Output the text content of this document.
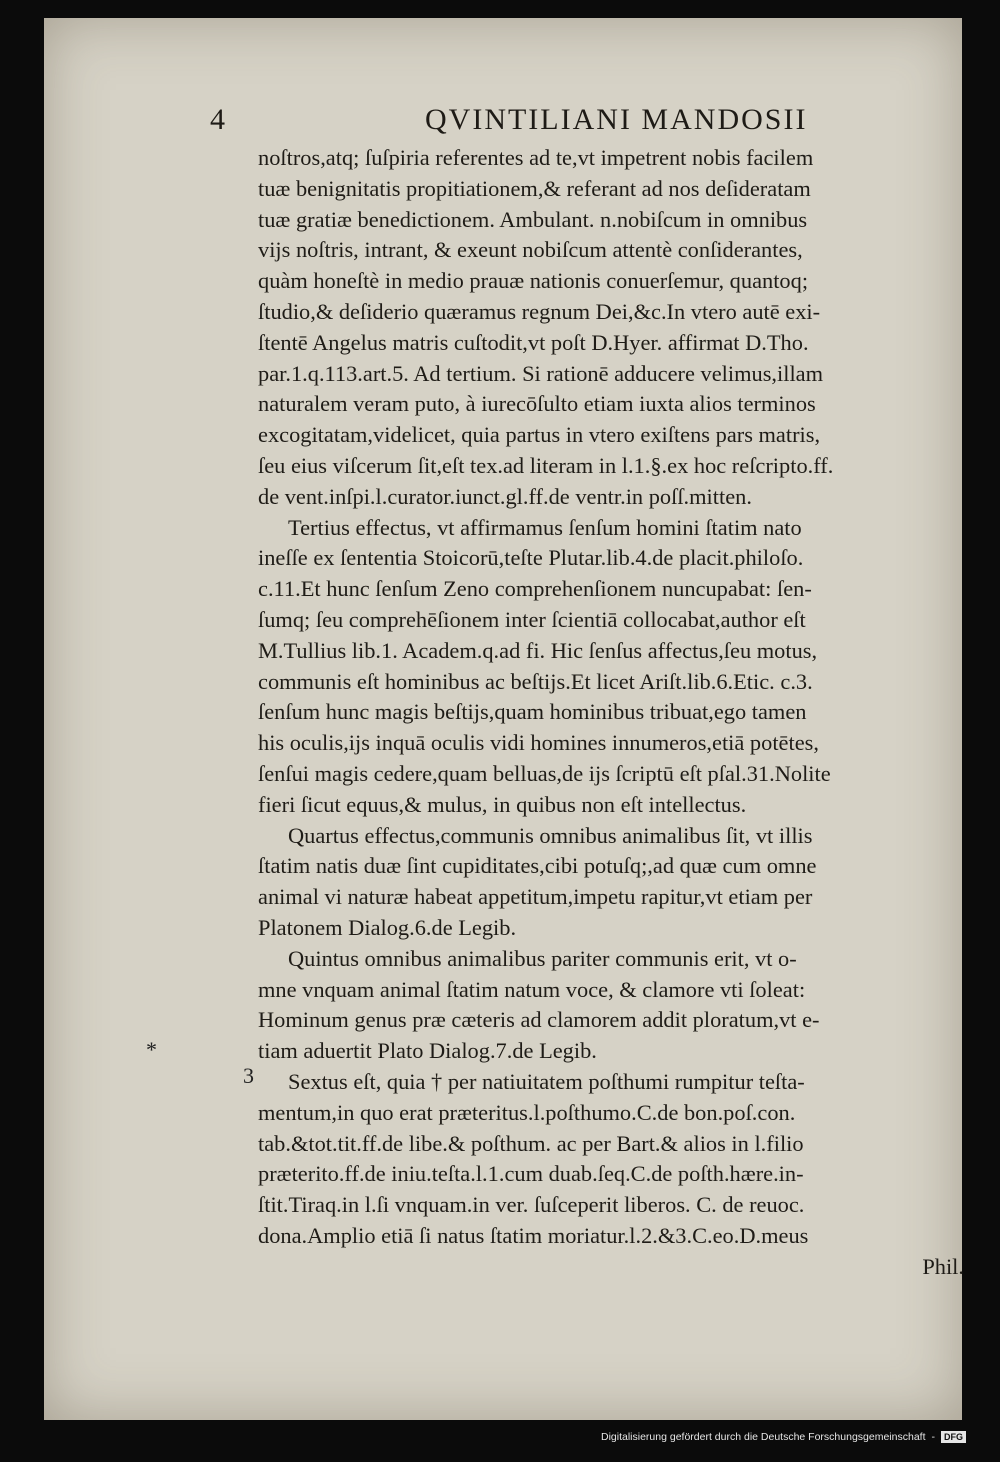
4	QVINTILIANI MANDOSII
*
3
noſtros,atq; ſuſpiria referentes ad te,vt impetrent nobis facilem
tuæ benignitatis propitiationem,& referant ad nos deſideratam
tuæ gratiæ benedictionem. Ambulant. n.nobiſcum in omnibus
vijs noſtris, intrant, & exeunt nobiſcum attentè conſiderantes,
quàm honeſtè in medio prauæ nationis conuerſemur, quantoq;
ſtudio,& deſiderio quæramus regnum Dei,&c.In vtero autē exi-
ſtentē Angelus matris cuſtodit,vt poſt D.Hyer. affirmat D.Tho.
par.1.q.113.art.5. Ad tertium. Si rationē adducere velimus,illam
naturalem veram puto, à iurecōſulto etiam iuxta alios terminos
excogitatam,videlicet, quia partus in vtero exiſtens pars matris,
ſeu eius viſcerum ſit,eſt tex.ad literam in l.1.§.ex hoc reſcripto.ff.
de vent.inſpi.l.curator.iunct.gl.ff.de ventr.in poſſ.mitten.
Tertius effectus, vt affirmamus ſenſum homini ſtatim nato
ineſſe ex ſententia Stoicorū,teſte Plutar.lib.4.de placit.philoſo.
c.11.Et hunc ſenſum Zeno comprehenſionem nuncupabat: ſen-
ſumq; ſeu comprehēſionem inter ſcientiā collocabat,author eſt
M.Tullius lib.1. Academ.q.ad fi. Hic ſenſus affectus,ſeu motus,
communis eſt hominibus ac beſtijs.Et licet Ariſt.lib.6.Etic. c.3.
ſenſum hunc magis beſtijs,quam hominibus tribuat,ego tamen
his oculis,ijs inquā oculis vidi homines innumeros,etiā potētes,
ſenſui magis cedere,quam belluas,de ijs ſcriptū eſt pſal.31.Nolite
fieri ſicut equus,& mulus, in quibus non eſt intellectus.
Quartus effectus,communis omnibus animalibus ſit, vt illis
ſtatim natis duæ ſint cupiditates,cibi potuſq;,ad quæ cum omne
animal vi naturæ habeat appetitum,impetu rapitur,vt etiam per
Platonem Dialog.6.de Legib.
Quintus omnibus animalibus pariter communis erit, vt o-
mne vnquam animal ſtatim natum voce, & clamore vti ſoleat:
Hominum genus præ cæteris ad clamorem addit ploratum,vt e-
tiam aduertit Plato Dialog.7.de Legib.
Sextus eſt, quia † per natiuitatem poſthumi rumpitur teſta-
mentum,in quo erat præteritus.l.poſthumo.C.de bon.poſ.con.
tab.&tot.tit.ff.de libe.& poſthum. ac per Bart.& alios in l.filio
præterito.ff.de iniu.teſta.l.1.cum duab.ſeq.C.de poſth.hære.in-
ſtit.Tiraq.in l.ſi vnquam.in ver. ſuſceperit liberos. C. de reuoc.
dona.Amplio etiā ſi natus ſtatim moriatur.l.2.&3.C.eo.D.meus
Phil.
Digitalisierung gefördert durch die Deutsche Forschungsgemeinschaft -	DFG
